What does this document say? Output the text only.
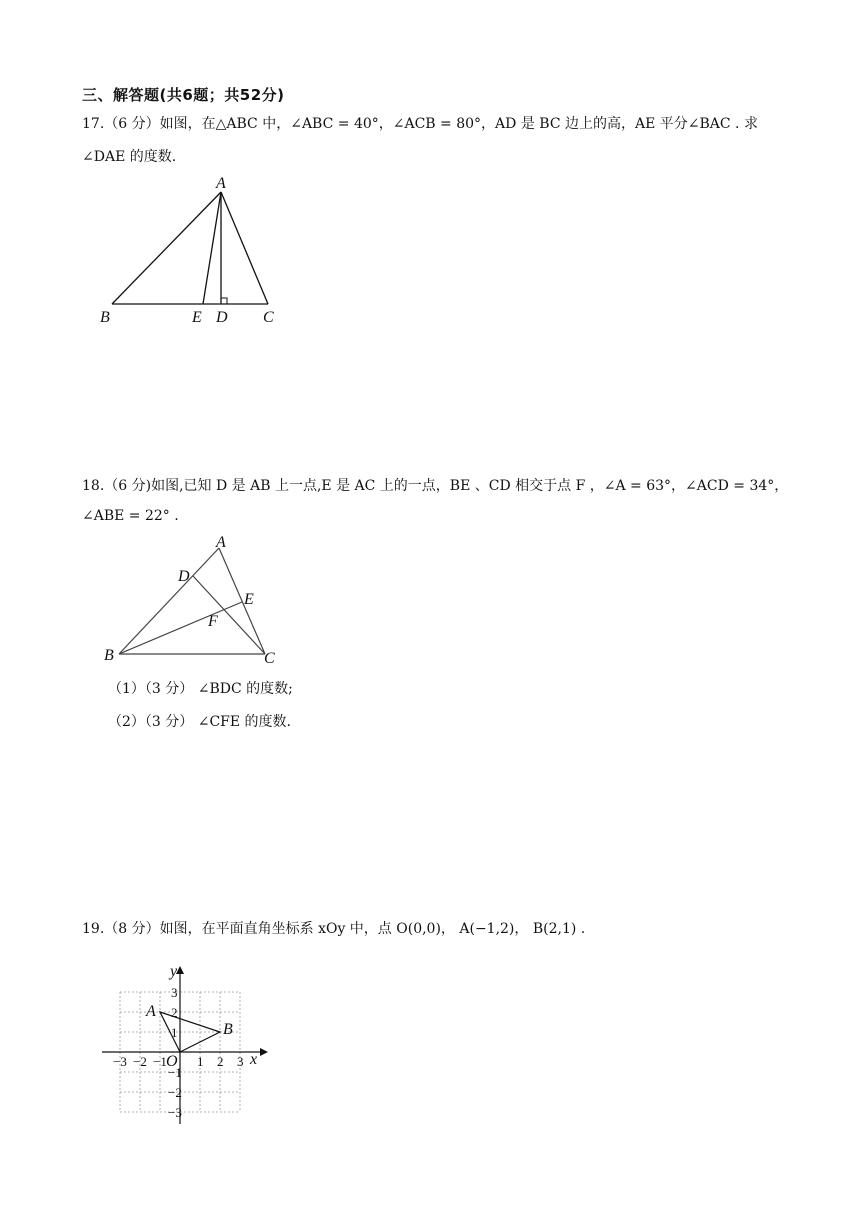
三、解答题(共6题；共52分)
17.（6 分）如图，在△ABC 中，∠ABC = 40°，∠ACB = 80°，AD 是 BC 边上的高，AE 平分∠BAC . 求
∠DAE 的度数.
A
B	E D C
18.（6 分)如图,已知 D 是 AB 上一点,E 是 AC 上的一点，BE 、CD 相交于点 F ，∠A = 63°，∠ACD = 34°，
∠ABE = 22° .
A
D
E
F
B	C
（1）（3 分） ∠BDC 的度数;
（2）（3 分） ∠CFE 的度数.
19.（8 分）如图，在平面直角坐标系 xOy 中，点 O(0,0)， A(−1,2)， B(2,1) .
−3 −2 −1 1 2 3
3
2
1
−1
−2
−3
y
x
A
B
O
